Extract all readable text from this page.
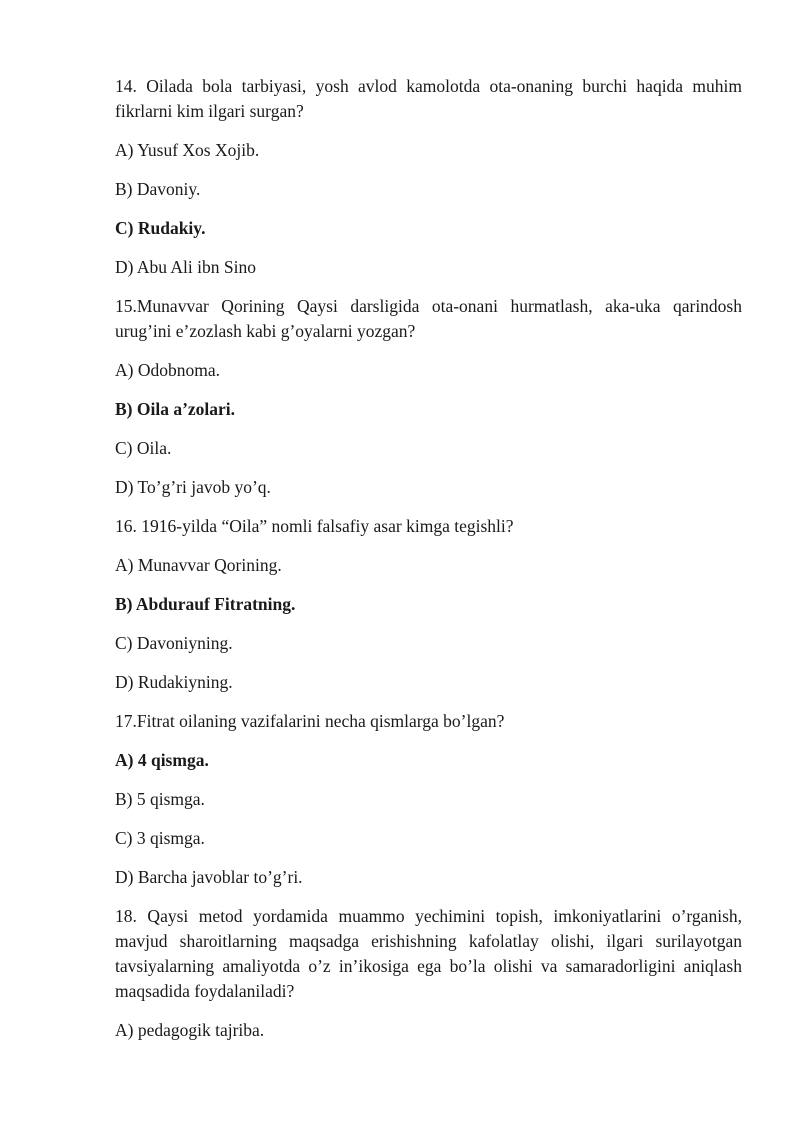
14. Oilada bola tarbiyasi, yosh avlod kamolotda ota-onaning burchi haqida muhim fikrlarni kim ilgari surgan?

A) Yusuf Xos Xojib.

B) Davoniy.

C) Rudakiy.

D) Abu Ali ibn Sino

15.Munavvar Qorining Qaysi darsligida ota-onani hurmatlash, aka-uka qarindosh urug’ini e’zozlash kabi g’oyalarni yozgan?

A) Odobnoma.

B) Oila a’zolari.

C) Oila.

D) To’g’ri javob yo’q.

16. 1916-yilda “Oila” nomli falsafiy asar kimga tegishli?

A) Munavvar Qorining.

B) Abdurauf Fitratning.

C) Davoniyning.

D) Rudakiyning.

17.Fitrat oilaning vazifalarini necha qismlarga bo’lgan?

A) 4 qismga.

B) 5 qismga.

C) 3 qismga.

D) Barcha javoblar to’g’ri.

18. Qaysi metod yordamida muammo yechimini topish, imkoniyatlarini o’rganish, mavjud sharoitlarning maqsadga erishishning kafolatlay olishi, ilgari surilayotgan tavsiyalarning amaliyotda o’z in’ikosiga ega bo’la olishi va samaradorligini aniqlash maqsadida foydalaniladi?

A) pedagogik tajriba.
